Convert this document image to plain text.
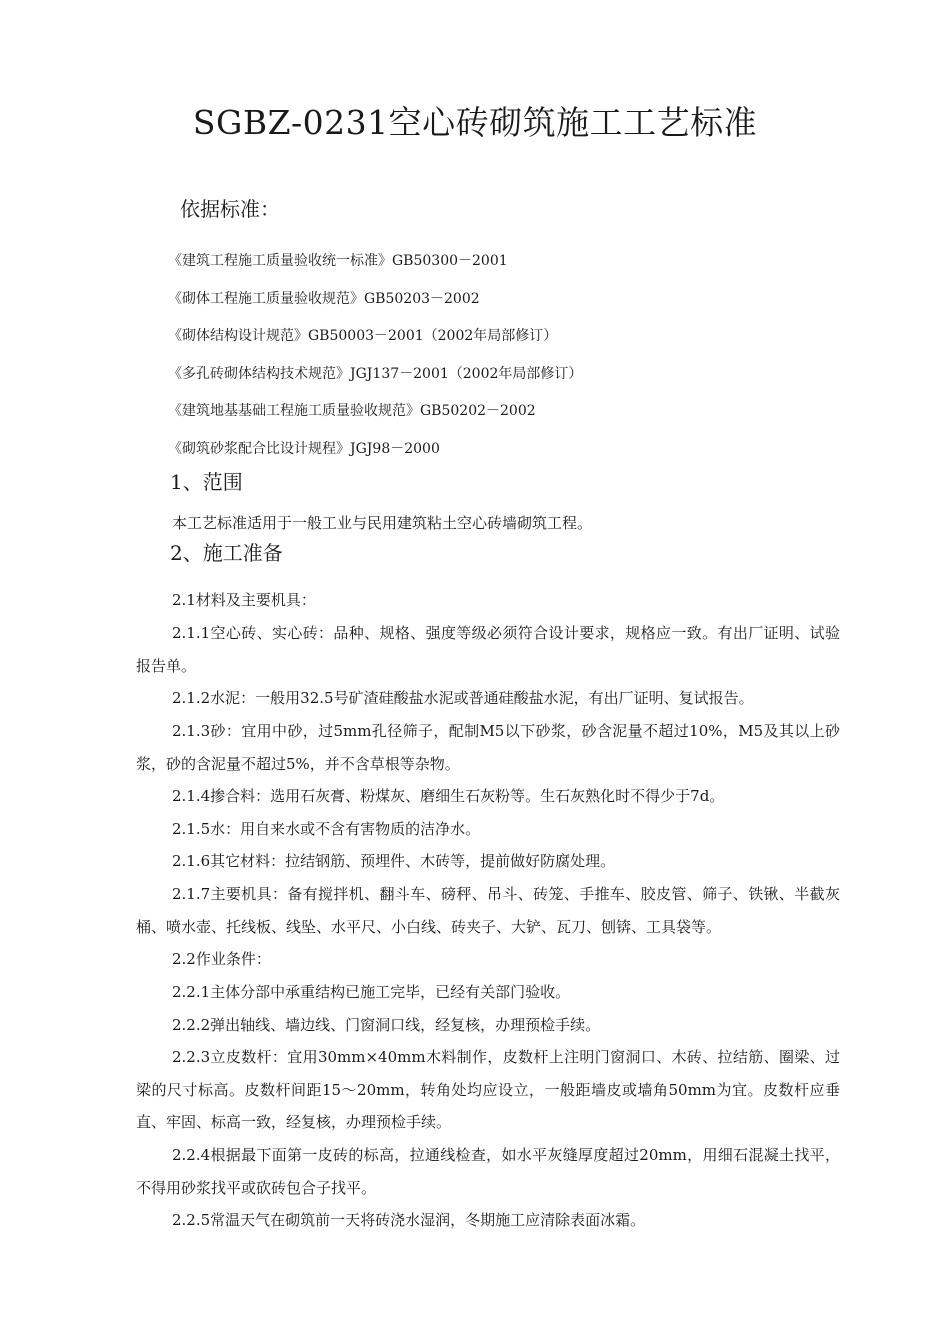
SGBZ-0231空心砖砌筑施工工艺标准
依据标准：
《建筑工程施工质量验收统一标准》GB50300－2001
《砌体工程施工质量验收规范》GB50203－2002
《砌体结构设计规范》GB50003－2001（2002年局部修订）
《多孔砖砌体结构技术规范》JGJ137－2001（2002年局部修订）
《建筑地基基础工程施工质量验收规范》GB50202－2002
《砌筑砂浆配合比设计规程》JGJ98－2000
1、范围

本工艺标准适用于一般工业与民用建筑粘土空心砖墙砌筑工程。

2、施工准备

2.1材料及主要机具：

2.1.1空心砖、实心砖：品种、规格、强度等级必须符合设计要求，规格应一致。有出厂证明、试验报告单。

2.1.2水泥：一般用32.5号矿渣硅酸盐水泥或普通硅酸盐水泥，有出厂证明、复试报告。

2.1.3砂：宜用中砂，过5mm孔径筛子，配制M5以下砂浆，砂含泥量不超过10%，M5及其以上砂浆，砂的含泥量不超过5%，并不含草根等杂物。

2.1.4掺合料：选用石灰膏、粉煤灰、磨细生石灰粉等。生石灰熟化时不得少于7d。

2.1.5水：用自来水或不含有害物质的洁净水。

2.1.6其它材料：拉结钢筋、预埋件、木砖等，提前做好防腐处理。

2.1.7主要机具：备有搅拌机、翻斗车、磅秤、吊斗、砖笼、手推车、胶皮管、筛子、铁锹、半截灰桶、喷水壶、托线板、线坠、水平尺、小白线、砖夹子、大铲、瓦刀、刨锛、工具袋等。

2.2作业条件：

2.2.1主体分部中承重结构已施工完毕，已经有关部门验收。

2.2.2弹出轴线、墙边线、门窗洞口线，经复核，办理预检手续。

2.2.3立皮数杆：宜用30mm×40mm木料制作，皮数杆上注明门窗洞口、木砖、拉结筋、圈梁、过梁的尺寸标高。皮数杆间距15～20mm，转角处均应设立，一般距墙皮或墙角50mm为宜。皮数杆应垂直、牢固、标高一致，经复核，办理预检手续。

2.2.4根据最下面第一皮砖的标高，拉通线检查，如水平灰缝厚度超过20mm，用细石混凝土找平，不得用砂浆找平或砍砖包合子找平。

2.2.5常温天气在砌筑前一天将砖浇水湿润，冬期施工应清除表面冰霜。
